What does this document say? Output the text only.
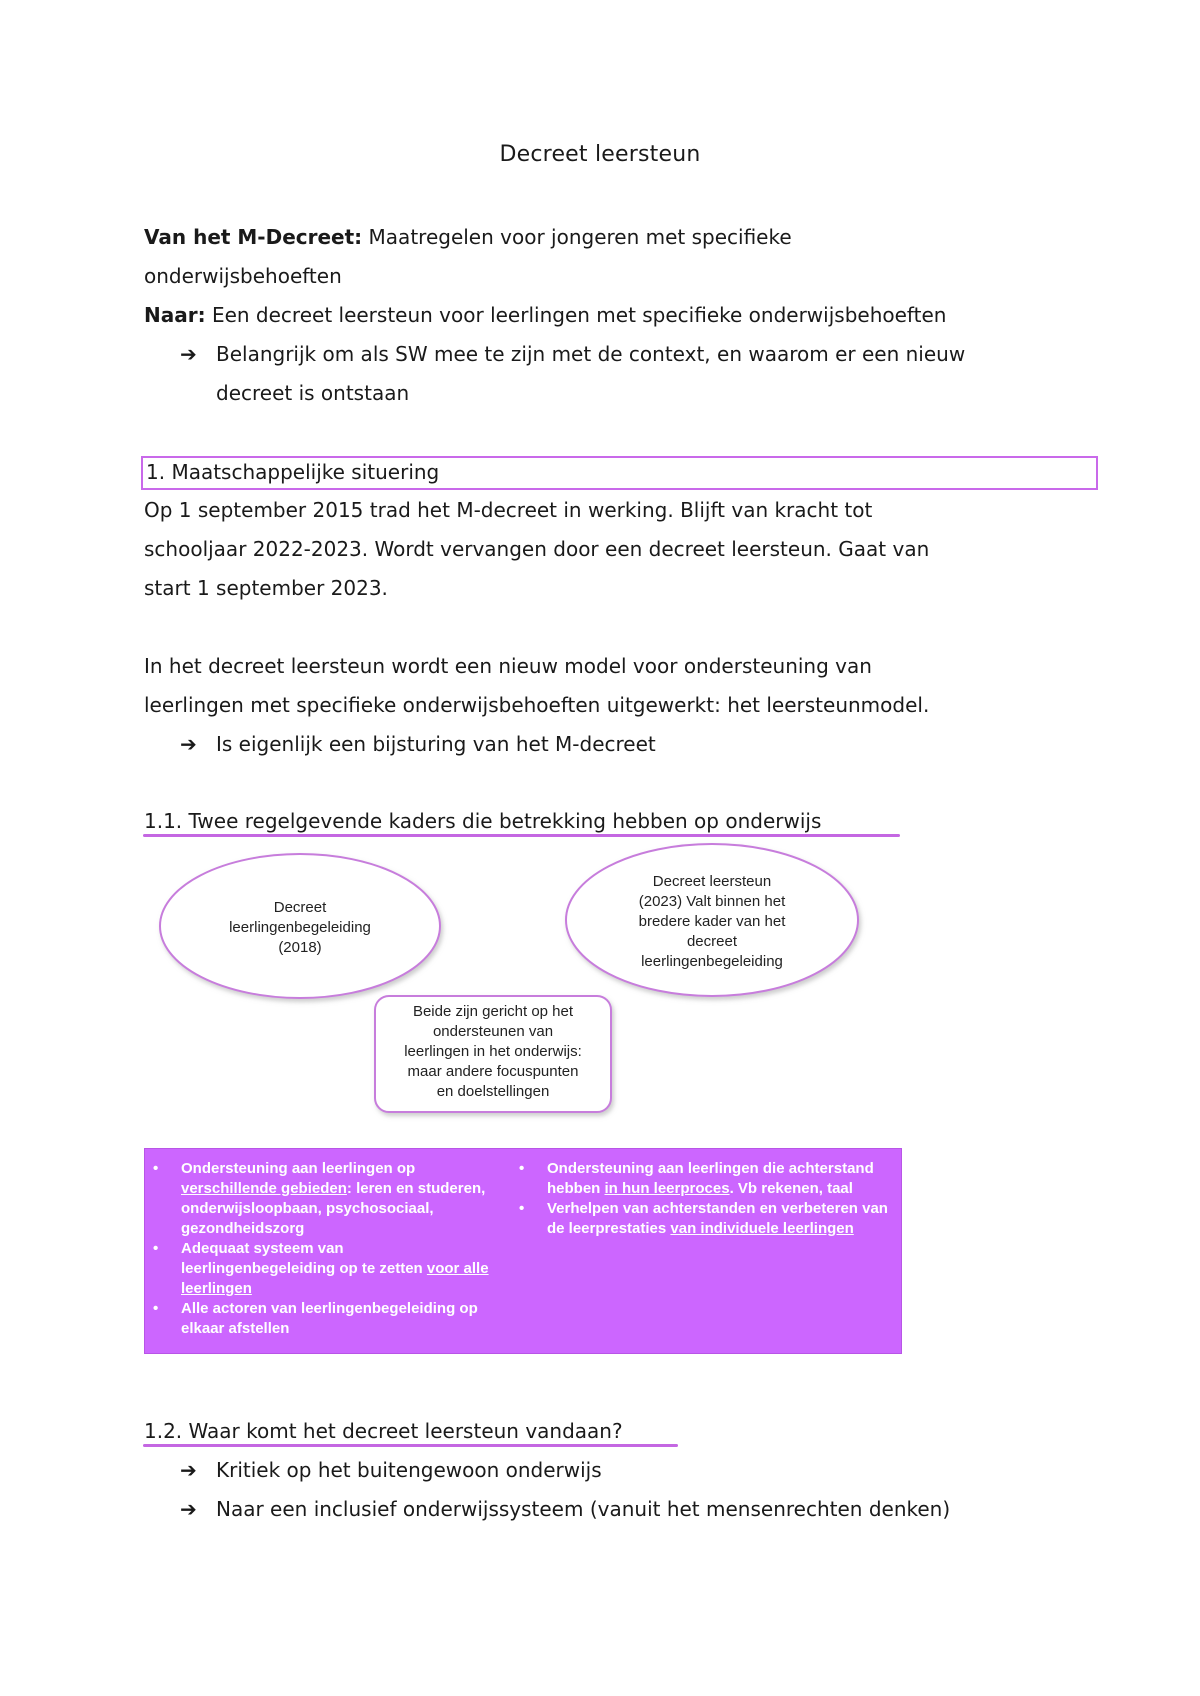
Decreet leersteun
Van het M-Decreet: Maatregelen voor jongeren met specifieke
onderwijsbehoeften
Naar: Een decreet leersteun voor leerlingen met specifieke onderwijsbehoeften
➔ Belangrijk om als SW mee te zijn met de context, en waarom er een nieuw
decreet is ontstaan
1. Maatschappelijke situering
Op 1 september 2015 trad het M-decreet in werking. Blijft van kracht tot
schooljaar 2022-2023. Wordt vervangen door een decreet leersteun. Gaat van
start 1 september 2023.
In het decreet leersteun wordt een nieuw model voor ondersteuning van
leerlingen met specifieke onderwijsbehoeften uitgewerkt: het leersteunmodel.
➔ Is eigenlijk een bijsturing van het M-decreet
1.1. Twee regelgevende kaders die betrekking hebben op onderwijs
Decreet
leerlingenbegeleiding
(2018)
Decreet leersteun
(2023) Valt binnen het
bredere kader van het
decreet
leerlingenbegeleiding
Beide zijn gericht op het
ondersteunen van
leerlingen in het onderwijs:
maar andere focuspunten
en doelstellingen
• Ondersteuning aan leerlingen op verschillende gebieden: leren en studeren, onderwijsloopbaan, psychosociaal, gezondheidszorg
• Adequaat systeem van leerlingenbegeleiding op te zetten voor alle leerlingen
• Alle actoren van leerlingenbegeleiding op elkaar afstellen
• Ondersteuning aan leerlingen die achterstand hebben in hun leerproces. Vb rekenen, taal
• Verhelpen van achterstanden en verbeteren van de leerprestaties van individuele leerlingen
1.2. Waar komt het decreet leersteun vandaan?
➔ Kritiek op het buitengewoon onderwijs
➔ Naar een inclusief onderwijssysteem (vanuit het mensenrechten denken)
